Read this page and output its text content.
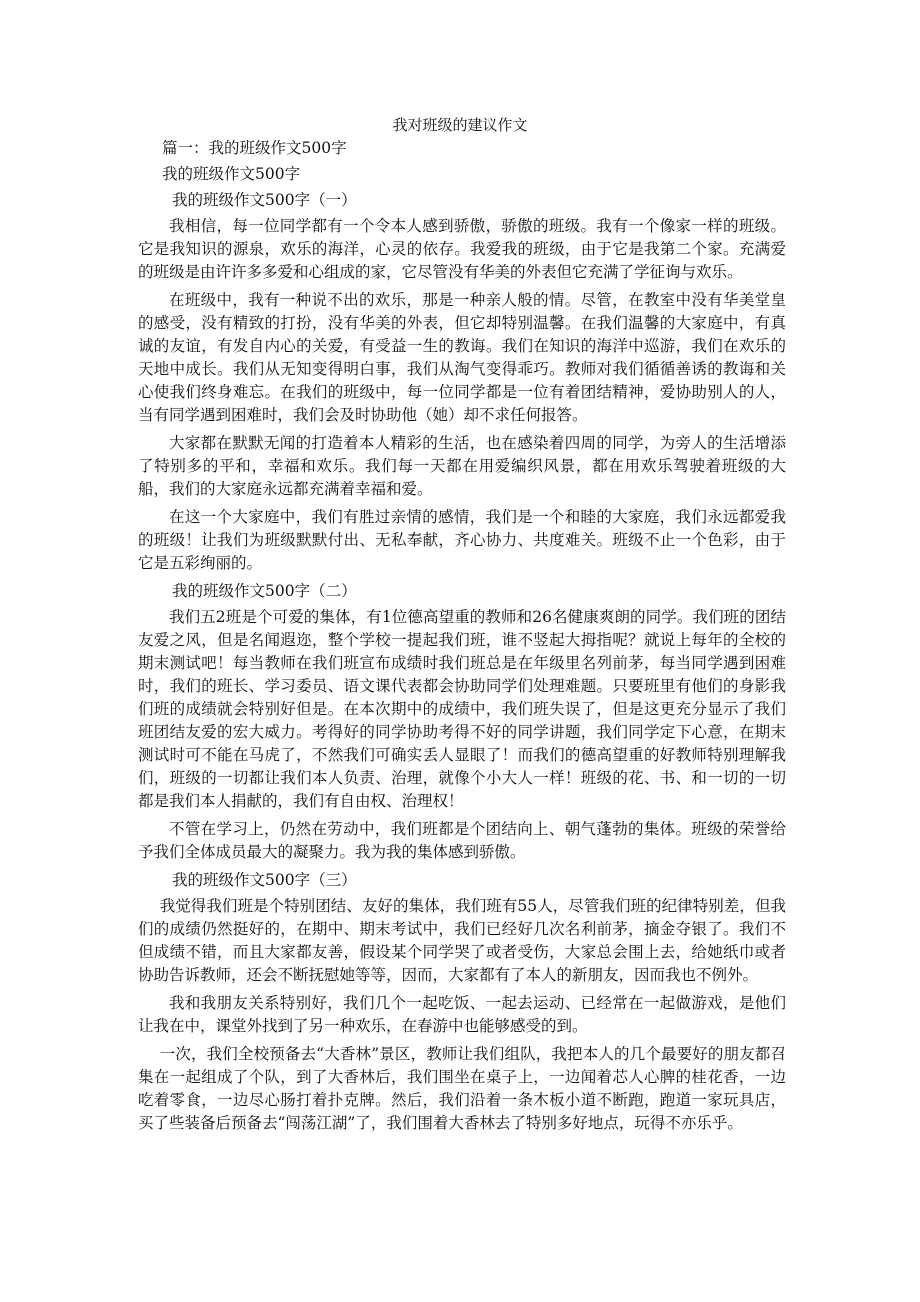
我对班级的建议作文

篇一：我的班级作文500字

我的班级作文500字

我的班级作文500字（一）

我相信，每一位同学都有一个令本人感到骄傲，骄傲的班级。我有一个像家一样的班级。它是我知识的源泉，欢乐的海洋，心灵的依存。我爱我的班级，由于它是我第二个家。充满爱的班级是由许许多多爱和心组成的家，它尽管没有华美的外表但它充满了学征询与欢乐。

在班级中，我有一种说不出的欢乐，那是一种亲人般的情。尽管，在教室中没有华美堂皇的感受，没有精致的打扮，没有华美的外表，但它却特别温馨。在我们温馨的大家庭中，有真诚的友谊，有发自内心的关爱，有受益一生的教诲。我们在知识的海洋中巡游，我们在欢乐的天地中成长。我们从无知变得明白事，我们从淘气变得乖巧。教师对我们循循善诱的教诲和关心使我们终身难忘。在我们的班级中，每一位同学都是一位有着团结精神，爱协助别人的人，当有同学遇到困难时，我们会及时协助他（她）却不求任何报答。

大家都在默默无闻的打造着本人精彩的生活，也在感染着四周的同学，为旁人的生活增添了特别多的平和，幸福和欢乐。我们每一天都在用爱编织风景，都在用欢乐驾驶着班级的大船，我们的大家庭永远都充满着幸福和爱。

在这一个大家庭中，我们有胜过亲情的感情，我们是一个和睦的大家庭，我们永远都爱我的班级！让我们为班级默默付出、无私奉献，齐心协力、共度难关。班级不止一个色彩，由于它是五彩绚丽的。

我的班级作文500字（二）

我们五2班是个可爱的集体，有1位德高望重的教师和26名健康爽朗的同学。我们班的团结友爱之风，但是名闻遐迩，整个学校一提起我们班，谁不竖起大拇指呢？就说上每年的全校的期末测试吧！每当教师在我们班宣布成绩时我们班总是在年级里名列前茅，每当同学遇到困难时，我们的班长、学习委员、语文课代表都会协助同学们处理难题。只要班里有他们的身影我们班的成绩就会特别好但是。在本次期中的成绩中，我们班失误了，但是这更充分显示了我们班团结友爱的宏大威力。考得好的同学协助考得不好的同学讲题，我们同学定下心意，在期末测试时可不能在马虎了，不然我们可确实丢人显眼了！而我们的德高望重的好教师特别理解我们，班级的一切都让我们本人负责、治理，就像个小大人一样！班级的花、书、和一切的一切都是我们本人捐献的，我们有自由权、治理权！

不管在学习上，仍然在劳动中，我们班都是个团结向上、朝气蓬勃的集体。班级的荣誉给予我们全体成员最大的凝聚力。我为我的集体感到骄傲。

我的班级作文500字（三）

我觉得我们班是个特别团结、友好的集体，我们班有55人，尽管我们班的纪律特别差，但我们的成绩仍然挺好的，在期中、期末考试中，我们已经好几次名利前茅，摘金夺银了。我们不但成绩不错，而且大家都友善，假设某个同学哭了或者受伤，大家总会围上去，给她纸巾或者协助告诉教师，还会不断抚慰她等等，因而，大家都有了本人的新朋友，因而我也不例外。

我和我朋友关系特别好，我们几个一起吃饭、一起去运动、已经常在一起做游戏，是他们让我在中，课堂外找到了另一种欢乐，在春游中也能够感受的到。

一次，我们全校预备去“大香林”景区，教师让我们组队，我把本人的几个最要好的朋友都召集在一起组成了个队，到了大香林后，我们围坐在桌子上，一边闻着芯人心脾的桂花香，一边吃着零食，一边尽心肠打着扑克牌。然后，我们沿着一条木板小道不断跑，跑道一家玩具店，买了些装备后预备去“闯荡江湖”了，我们围着大香林去了特别多好地点，玩得不亦乐乎。
